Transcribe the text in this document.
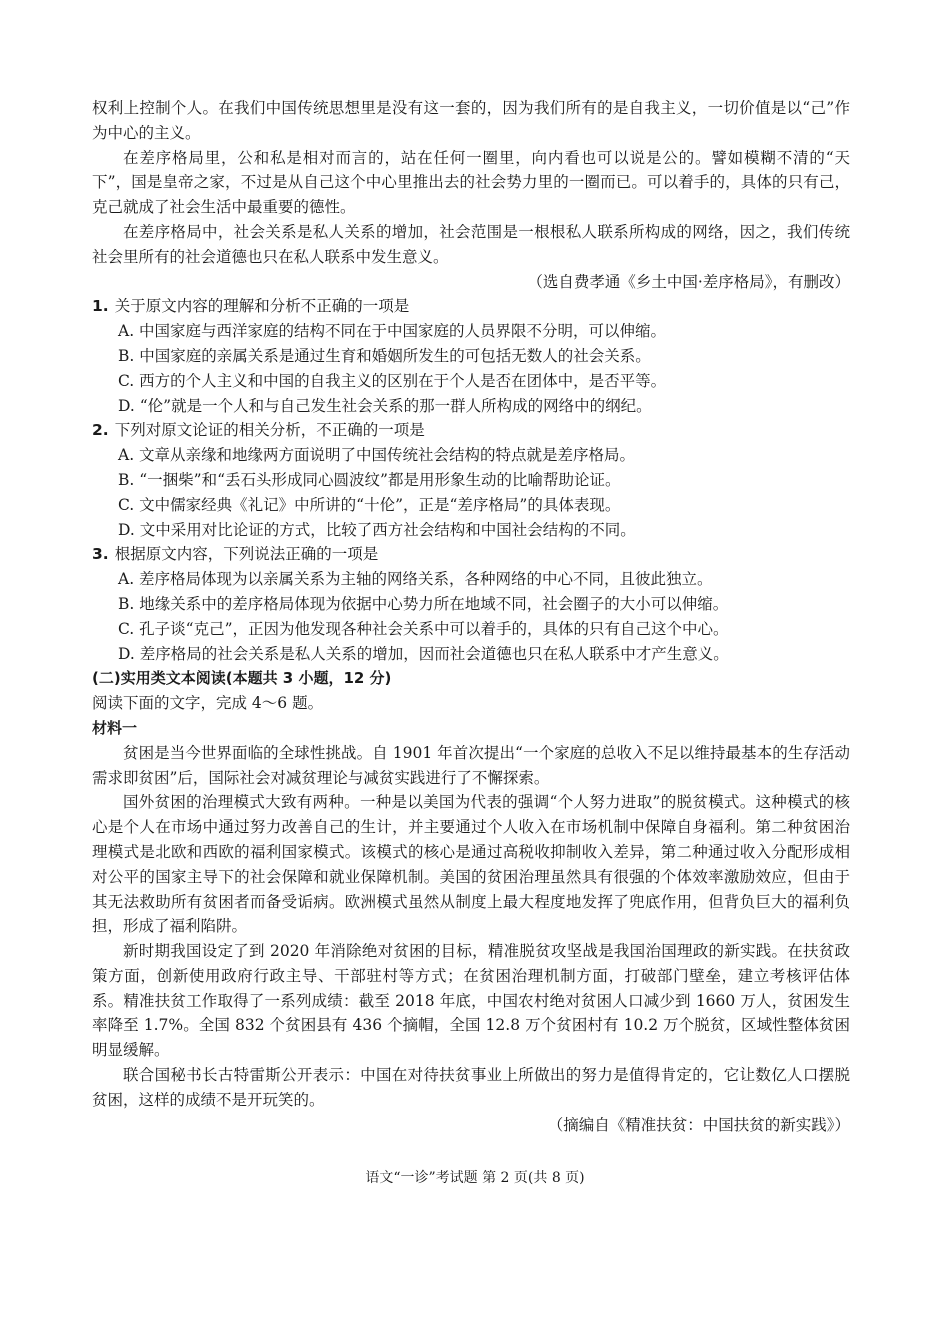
权利上控制个人。在我们中国传统思想里是没有这一套的，因为我们所有的是自我主义，一切价值是以“己”作为中心的主义。

在差序格局里，公和私是相对而言的，站在任何一圈里，向内看也可以说是公的。譬如模糊不清的“天下”，国是皇帝之家，不过是从自己这个中心里推出去的社会势力里的一圈而已。可以着手的，具体的只有己，克己就成了社会生活中最重要的德性。

在差序格局中，社会关系是私人关系的增加，社会范围是一根根私人联系所构成的网络，因之，我们传统社会里所有的社会道德也只在私人联系中发生意义。

（选自费孝通《乡土中国·差序格局》，有删改）

1. 关于原文内容的理解和分析不正确的一项是

A. 中国家庭与西洋家庭的结构不同在于中国家庭的人员界限不分明，可以伸缩。

B. 中国家庭的亲属关系是通过生育和婚姻所发生的可包括无数人的社会关系。

C. 西方的个人主义和中国的自我主义的区别在于个人是否在团体中，是否平等。

D. “伦”就是一个人和与自己发生社会关系的那一群人所构成的网络中的纲纪。

2. 下列对原文论证的相关分析，不正确的一项是

A. 文章从亲缘和地缘两方面说明了中国传统社会结构的特点就是差序格局。

B. “一捆柴”和“丢石头形成同心圆波纹”都是用形象生动的比喻帮助论证。

C. 文中儒家经典《礼记》中所讲的“十伦”，正是“差序格局”的具体表现。

D. 文中采用对比论证的方式，比较了西方社会结构和中国社会结构的不同。

3. 根据原文内容，下列说法正确的一项是

A. 差序格局体现为以亲属关系为主轴的网络关系，各种网络的中心不同，且彼此独立。

B. 地缘关系中的差序格局体现为依据中心势力所在地域不同，社会圈子的大小可以伸缩。

C. 孔子谈“克己”，正因为他发现各种社会关系中可以着手的，具体的只有自己这个中心。

D. 差序格局的社会关系是私人关系的增加，因而社会道德也只在私人联系中才产生意义。

(二)实用类文本阅读(本题共 3 小题，12 分)

阅读下面的文字，完成 4～6 题。

材料一

贫困是当今世界面临的全球性挑战。自 1901 年首次提出“一个家庭的总收入不足以维持最基本的生存活动需求即贫困”后，国际社会对减贫理论与减贫实践进行了不懈探索。

国外贫困的治理模式大致有两种。一种是以美国为代表的强调“个人努力进取”的脱贫模式。这种模式的核心是个人在市场中通过努力改善自己的生计，并主要通过个人收入在市场机制中保障自身福利。第二种贫困治理模式是北欧和西欧的福利国家模式。该模式的核心是通过高税收抑制收入差异，第二种通过收入分配形成相对公平的国家主导下的社会保障和就业保障机制。美国的贫困治理虽然具有很强的个体效率激励效应，但由于其无法救助所有贫困者而备受诟病。欧洲模式虽然从制度上最大程度地发挥了兜底作用，但背负巨大的福利负担，形成了福利陷阱。

新时期我国设定了到 2020 年消除绝对贫困的目标，精准脱贫攻坚战是我国治国理政的新实践。在扶贫政策方面，创新使用政府行政主导、干部驻村等方式；在贫困治理机制方面，打破部门壁垒，建立考核评估体系。精准扶贫工作取得了一系列成绩：截至 2018 年底，中国农村绝对贫困人口减少到 1660 万人，贫困发生率降至 1.7%。全国 832 个贫困县有 436 个摘帽，全国 12.8 万个贫困村有 10.2 万个脱贫，区域性整体贫困明显缓解。

联合国秘书长古特雷斯公开表示：中国在对待扶贫事业上所做出的努力是值得肯定的，它让数亿人口摆脱贫困，这样的成绩不是开玩笑的。

（摘编自《精准扶贫：中国扶贫的新实践》）

语文“一诊”考试题 第 2 页(共 8 页)
